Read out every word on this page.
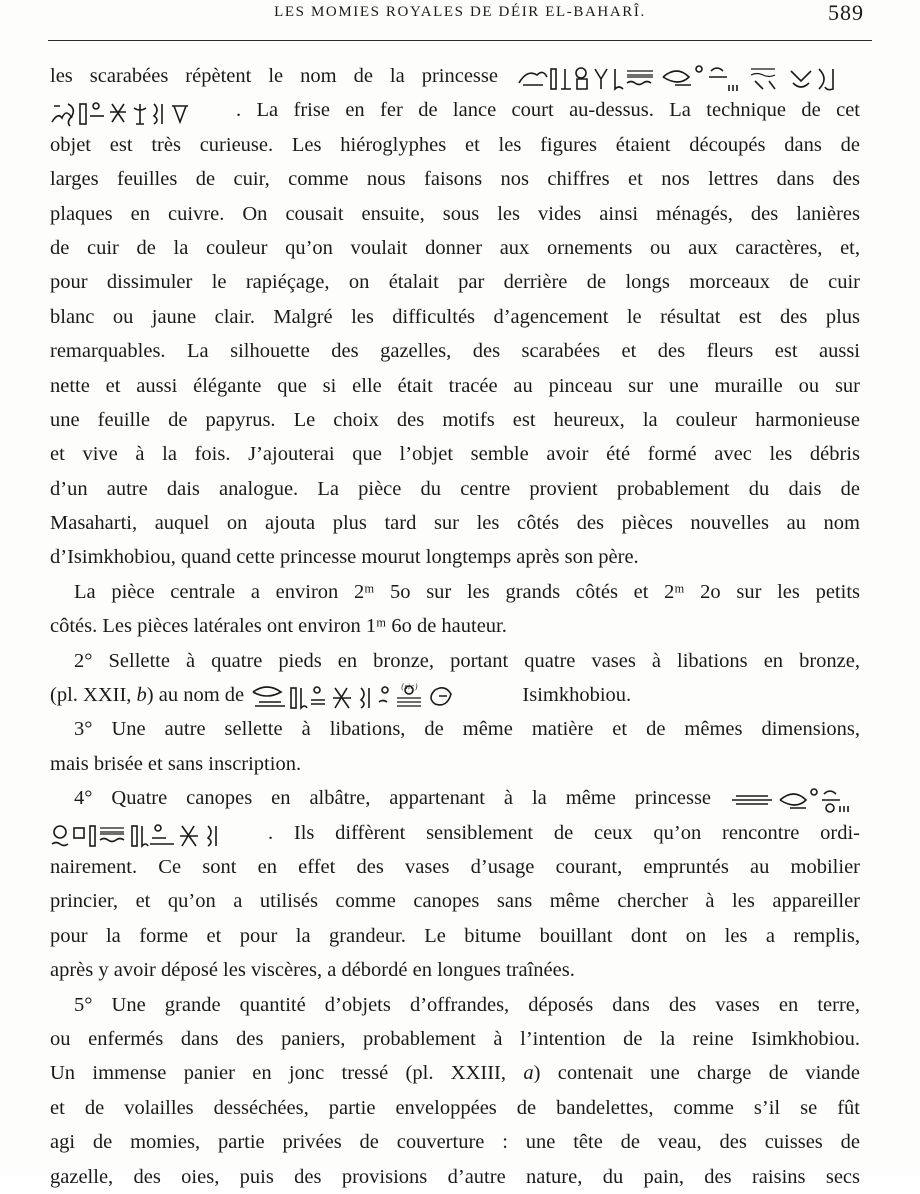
LES MOMIES ROYALES DE DÉIR EL-BAHARÎ.	589
les scarabées répètent le nom de la princesse
. La frise en fer de lance court au-dessus. La technique de cet
objet est très curieuse. Les hiéroglyphes et les figures étaient découpés dans de
larges feuilles de cuir, comme nous faisons nos chiffres et nos lettres dans des
plaques en cuivre. On cousait ensuite, sous les vides ainsi ménagés, des lanières
de cuir de la couleur qu’on voulait donner aux ornements ou aux caractères, et,
pour dissimuler le rapiéçage, on étalait par derrière de longs morceaux de cuir
blanc ou jaune clair. Malgré les difficultés d’agencement le résultat est des plus
remarquables. La silhouette des gazelles, des scarabées et des fleurs est aussi
nette et aussi élégante que si elle était tracée au pinceau sur une muraille ou sur
une feuille de papyrus. Le choix des motifs est heureux, la couleur harmonieuse
et vive à la fois. J’ajouterai que l’objet semble avoir été formé avec les débris
d’un autre dais analogue. La pièce du centre provient probablement du dais de
Masaharti, auquel on ajouta plus tard sur les côtés des pièces nouvelles au nom
d’Isimkhobiou, quand cette princesse mourut longtemps après son père.
La pièce centrale a environ 2ᵐ 5o sur les grands côtés et 2ᵐ 2o sur les petits
côtés. Les pièces latérales ont environ 1ᵐ 6o de hauteur.
2° Sellette à quatre pieds en bronze, portant quatre vases à libations en bronze,
(pl. XXII, b) au nom de	(sic)	Isimkhobiou.
3° Une autre sellette à libations, de même matière et de mêmes dimensions,
mais brisée et sans inscription.
4° Quatre canopes en albâtre, appartenant à la même princesse
. Ils diffèrent sensiblement de ceux qu’on rencontre ordi-
nairement. Ce sont en effet des vases d’usage courant, empruntés au mobilier
princier, et qu’on a utilisés comme canopes sans même chercher à les appareiller
pour la forme et pour la grandeur. Le bitume bouillant dont on les a remplis,
après y avoir déposé les viscères, a débordé en longues traînées.
5° Une grande quantité d’objets d’offrandes, déposés dans des vases en terre,
ou enfermés dans des paniers, probablement à l’intention de la reine Isimkhobiou.
Un immense panier en jonc tressé (pl. XXIII, a) contenait une charge de viande
et de volailles desséchées, partie enveloppées de bandelettes, comme s’il se fût
agi de momies, partie privées de couverture : une tête de veau, des cuisses de
gazelle, des oies, puis des provisions d’autre nature, du pain, des raisins secs
